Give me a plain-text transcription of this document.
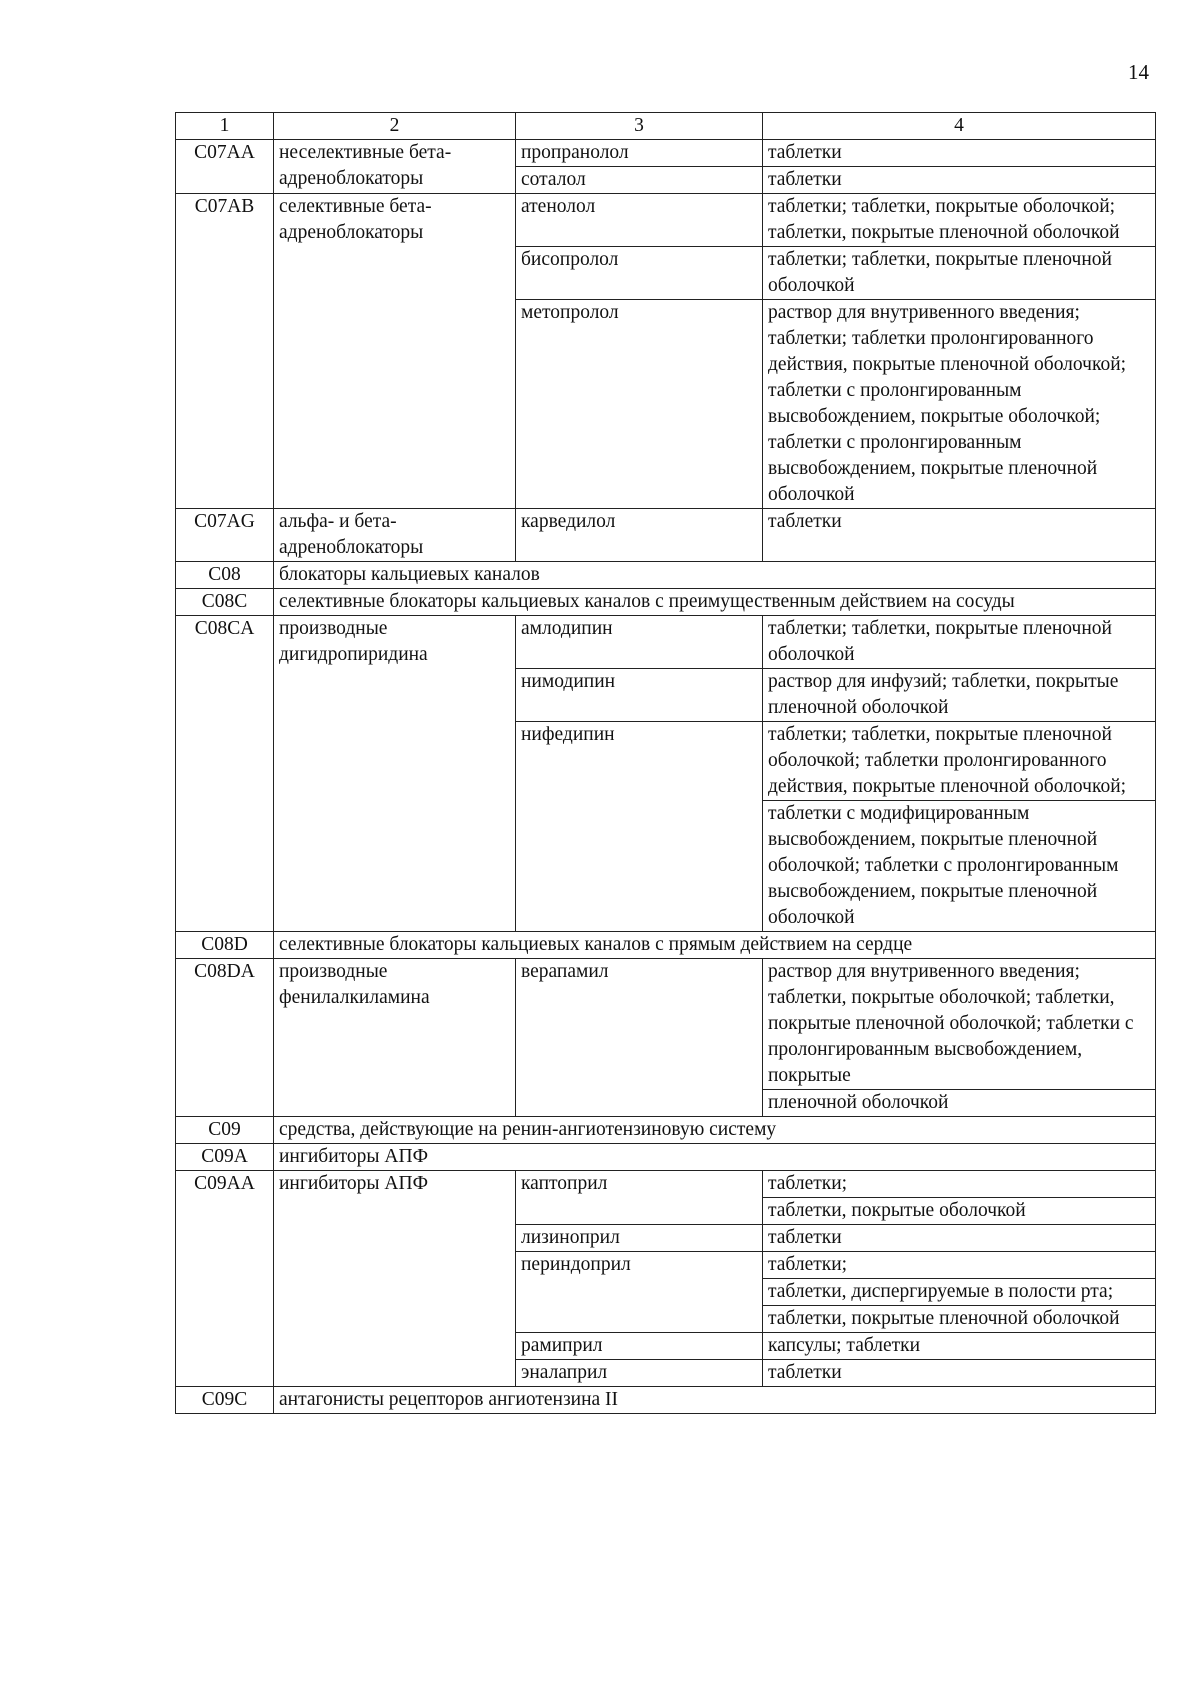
14
1	2	3	4
C07AA	неселективные бета-адреноблокаторы	пропранолол	таблетки
		соталол	таблетки
C07AB	селективные бета- адреноблокаторы	атенолол	таблетки; таблетки, покрытые оболочкой; таблетки, покрытые пленочной оболочкой
		бисопролол	таблетки; таблетки, покрытые пленочной оболочкой
		метопролол	раствор для внутривенного введения; таблетки; таблетки пролонгированного действия, покрытые пленочной оболочкой; таблетки с пролонгированным высвобождением, покрытые оболочкой; таблетки с пролонгированным высвобождением, покрытые пленочной оболочкой
C07AG	альфа- и бета- адреноблокаторы	карведилол	таблетки
C08	блокаторы кальциевых каналов		
C08C	селективные блокаторы кальциевых каналов с преимущественным действием на сосуды		
C08CA	производные дигидропиридина	амлодипин	таблетки; таблетки, покрытые пленочной оболочкой
		нимодипин	раствор для инфузий; таблетки, покрытые пленочной оболочкой
		нифедипин	таблетки; таблетки, покрытые пленочной оболочкой; таблетки пролонгированного действия, покрытые пленочной оболочкой;
			таблетки с модифицированным высвобождением, покрытые пленочной оболочкой; таблетки с пролонгированным высвобождением, покрытые пленочной оболочкой
C08D	селективные блокаторы кальциевых каналов с прямым действием на сердце		
C08DA	производные фенилалкиламина	верапамил	раствор для внутривенного введения; таблетки, покрытые оболочкой; таблетки, покрытые пленочной оболочкой; таблетки с пролонгированным высвобождением, покрытые
			пленочной оболочкой
C09	средства, действующие на ренин-ангиотензиновую систему		
C09A	ингибиторы АПФ		
C09AA	ингибиторы АПФ	каптоприл	таблетки;
			таблетки, покрытые оболочкой
		лизиноприл	таблетки
		периндоприл	таблетки;
			таблетки, диспергируемые в полости рта;
			таблетки, покрытые пленочной оболочкой
		рамиприл	капсулы; таблетки
		эналаприл	таблетки
C09C	антагонисты рецепторов ангиотензина II		
